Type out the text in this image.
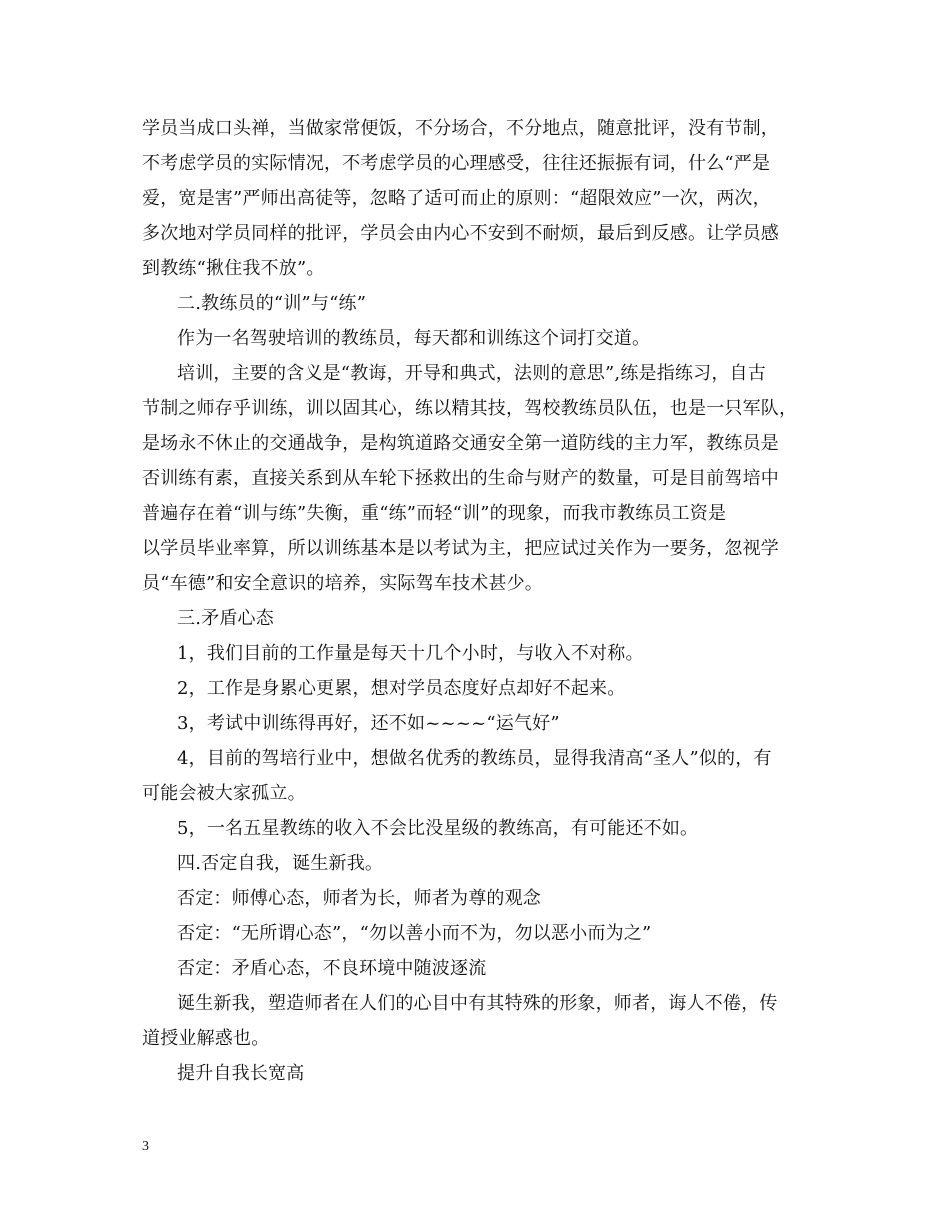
学员当成口头禅，当做家常便饭，不分场合，不分地点，随意批评，没有节制，
不考虑学员的实际情况，不考虑学员的心理感受，往往还振振有词，什么“严是
爱，宽是害”严师出高徒等，忽略了适可而止的原则：“超限效应”一次，两次，
多次地对学员同样的批评，学员会由内心不安到不耐烦，最后到反感。让学员感
到教练“揪住我不放”。
二.教练员的“训”与“练”
作为一名驾驶培训的教练员，每天都和训练这个词打交道。
培训，主要的含义是“教诲，开导和典式，法则的意思”,练是指练习，自古
节制之师存乎训练，训以固其心，练以精其技，驾校教练员队伍，也是一只军队，
是场永不休止的交通战争，是构筑道路交通安全第一道防线的主力军，教练员是
否训练有素，直接关系到从车轮下拯救出的生命与财产的数量，可是目前驾培中
普遍存在着“训与练”失衡，重“练”而轻“训”的现象，而我市教练员工资是
以学员毕业率算，所以训练基本是以考试为主，把应试过关作为一要务，忽视学
员“车德”和安全意识的培养，实际驾车技术甚少。
三.矛盾心态
1，我们目前的工作量是每天十几个小时，与收入不对称。
2，工作是身累心更累，想对学员态度好点却好不起来。
3，考试中训练得再好，还不如~~~~“运气好”
4，目前的驾培行业中，想做名优秀的教练员，显得我清高“圣人”似的，有
可能会被大家孤立。
5，一名五星教练的收入不会比没星级的教练高，有可能还不如。
四.否定自我，诞生新我。
否定：师傅心态，师者为长，师者为尊的观念
否定：“无所谓心态”，“勿以善小而不为，勿以恶小而为之”
否定：矛盾心态，不良环境中随波逐流
诞生新我，塑造师者在人们的心目中有其特殊的形象，师者，诲人不倦，传
道授业解惑也。
提升自我长宽高
3
